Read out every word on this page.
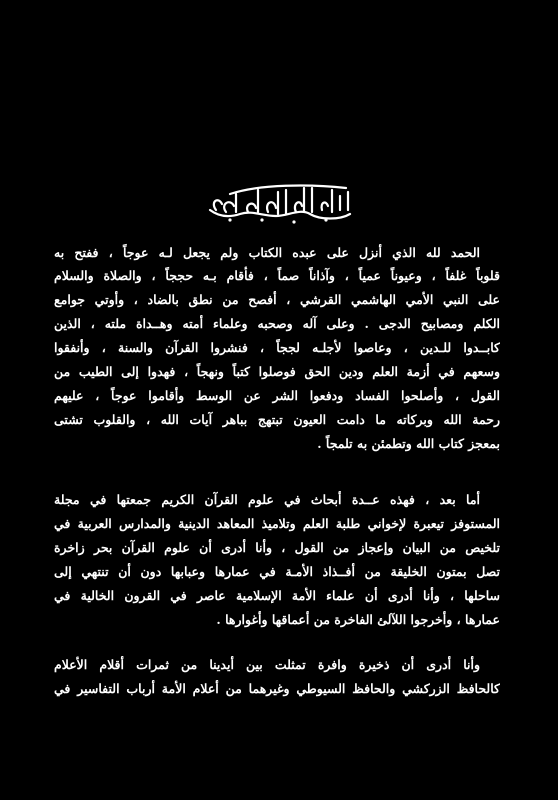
الحمد لله الذي أنزل على عبده الكتاب ولم يجعل لـه عوجاً ، ففتح به
قلوباً غلفاً ، وعيوناً عمياً ، وآذاناً صماً ، فأقام بـه حججاً ، والصلاة والسلام
على النبي الأمي الهاشمي القرشي ، أفصح من نطق بالضاد ، وأوتي جوامع
الكلم ومصابيح الدجى . وعلى آله وصحبه وعلماء أمته وهــداة ملته ، الذين
كابــدوا للـدين ، وعاصوا لأجلـه لججاً ، فنشروا القرآن والسنة ، وأنفقوا
وسعهم في أزمة العلم ودين الحق فوصلوا كتباً ونهجاً ، فهدوا إلى الطيب من
القول ، وأصلحوا الفساد ودفعوا الشر عن الوسط وأقاموا عوجاً ، عليهم
رحمة الله وبركاته ما دامت العيون تبتهج بباهر آيات الله ، والقلوب تشتى
بمعجز كتاب الله وتطمئن به تلمجاً .
أما بعد ، فهذه عــدة أبحاث في علوم القرآن الكريم جمعتها في مجلة
المستوفز تيعبرة لإخواني طلبة العلم وتلاميذ المعاهد الدينية والمدارس العربية في
تلخيص من البيان وإعجاز من القول ، وأنا أدرى أن علوم القرآن بحر زاخرة
تصل بمتون الخليقة من أفــذاذ الأمـة في عمارها وعبابها دون أن تنتهي إلى
ساحلها ، وأنا أدرى أن علماء الأمة الإسلامية عاصر في القرون الخالية في
عمارها ، وأخرجوا اللآلئ الفاخرة من أعماقها وأغوارها .
وأنا أدرى أن ذخيرة وافرة تمثلت بين أيدينا من ثمرات أقلام الأعلام
كالحافظ الزركشي والحافظ السيوطي وغيرهما من أعلام الأمة أرباب التفاسير في
